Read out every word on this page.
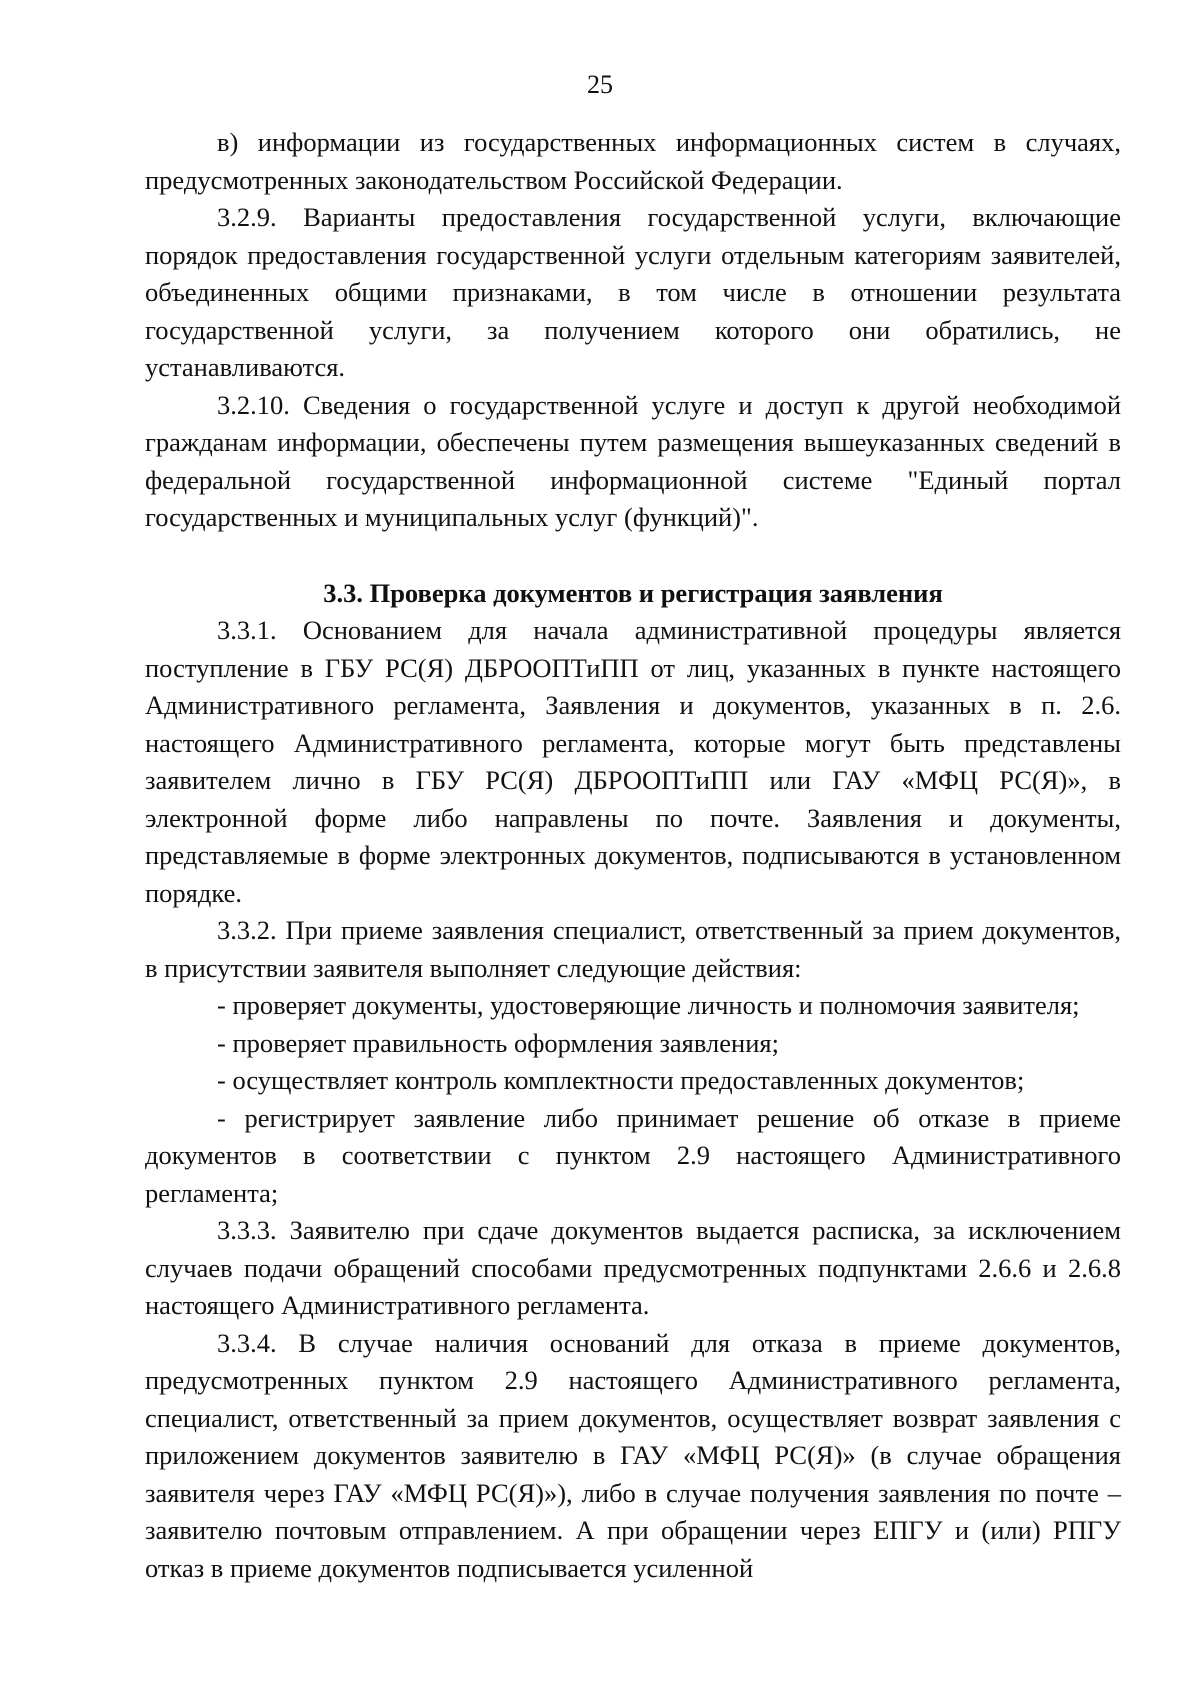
25

в) информации из государственных информационных систем в случаях, предусмотренных законодательством Российской Федерации.

3.2.9. Варианты предоставления государственной услуги, включающие порядок предоставления государственной услуги отдельным категориям заявителей, объединенных общими признаками, в том числе в отношении результата государственной услуги, за получением которого они обратились, не устанавливаются.

3.2.10. Сведения о государственной услуге и доступ к другой необходимой гражданам информации, обеспечены путем размещения вышеуказанных сведений в федеральной государственной информационной системе "Единый портал государственных и муниципальных услуг (функций)".

3.3. Проверка документов и регистрация заявления

3.3.1. Основанием для начала административной процедуры является поступление в ГБУ РС(Я) ДБРООПТиПП от лиц, указанных в пункте настоящего Административного регламента, Заявления и документов, указанных в п. 2.6. настоящего Административного регламента, которые могут быть представлены заявителем лично в ГБУ РС(Я) ДБРООПТиПП или ГАУ «МФЦ РС(Я)», в электронной форме либо направлены по почте. Заявления и документы, представляемые в форме электронных документов, подписываются в установленном порядке.

3.3.2. При приеме заявления специалист, ответственный за прием документов, в присутствии заявителя выполняет следующие действия:

- проверяет документы, удостоверяющие личность и полномочия заявителя;

- проверяет правильность оформления заявления;

- осуществляет контроль комплектности предоставленных документов;

- регистрирует заявление либо принимает решение об отказе в приеме документов в соответствии с пунктом 2.9 настоящего Административного регламента;

3.3.3. Заявителю при сдаче документов выдается расписка, за исключением случаев подачи обращений способами предусмотренных подпунктами 2.6.6 и 2.6.8 настоящего Административного регламента.

3.3.4. В случае наличия оснований для отказа в приеме документов, предусмотренных пунктом 2.9 настоящего Административного регламента, специалист, ответственный за прием документов, осуществляет возврат заявления с приложением документов заявителю в ГАУ «МФЦ РС(Я)» (в случае обращения заявителя через ГАУ «МФЦ РС(Я)»), либо в случае получения заявления по почте – заявителю почтовым отправлением. А при обращении через ЕПГУ и (или) РПГУ отказ в приеме документов подписывается усиленной
